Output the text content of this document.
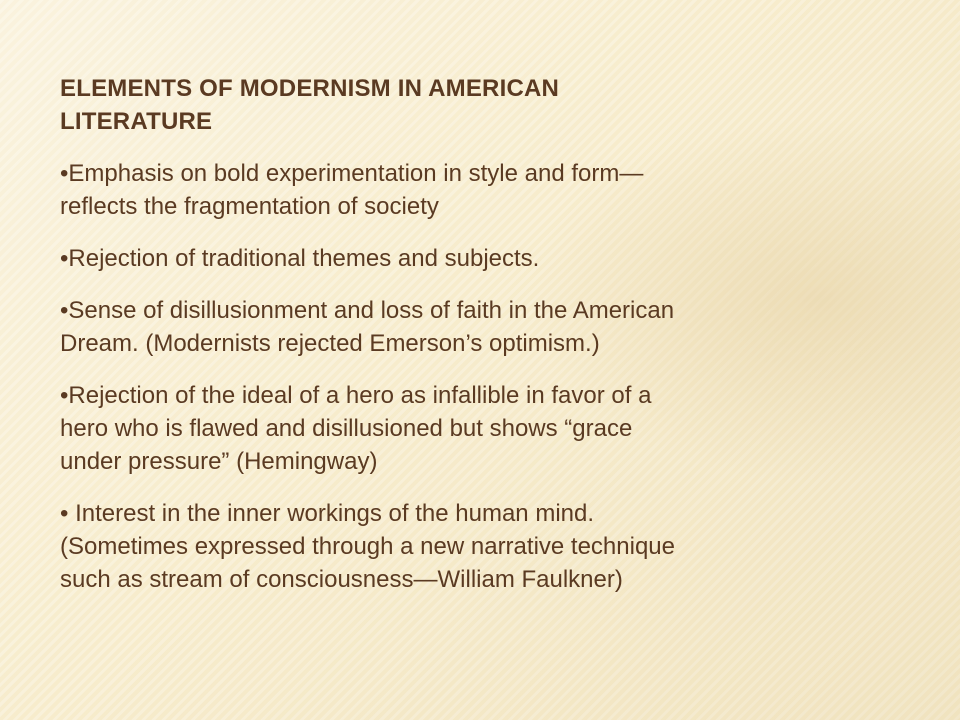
ELEMENTS OF MODERNISM IN AMERICAN
LITERATURE
•Emphasis on bold experimentation in style and form—
reflects the fragmentation of society
•Rejection of traditional themes and subjects.
•Sense of disillusionment and loss of faith in the American
Dream. (Modernists rejected Emerson’s optimism.)
•Rejection of the ideal of a hero as infallible in favor of a
hero who is flawed and disillusioned but shows “grace
under pressure” (Hemingway)
• Interest in the inner workings of the human mind.
(Sometimes expressed through a new narrative technique
such as stream of consciousness—William Faulkner)
